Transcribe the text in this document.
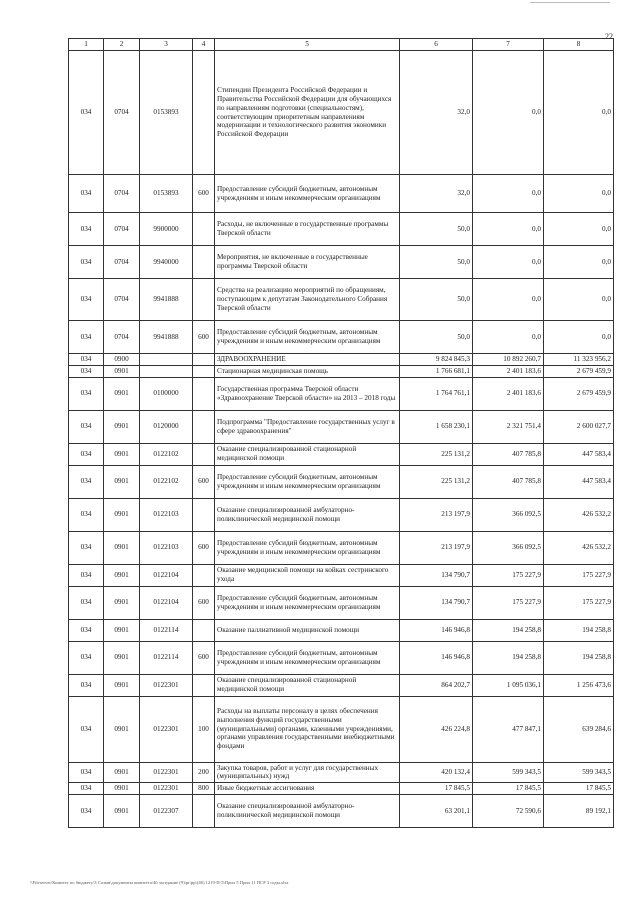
22
1	2	3	4	5	6	7	8
034	0704	0153893		Стипендии Президента Российской Федерации и Правительства Российской Федерации для обучающихся по направлениям подготовки (специальностям), соответствующим приоритетным направлениям модернизации и технологического развития экономики Российской Федерации	32,0	0,0	0,0
034	0704	0153893	600	Предоставление субсидий бюджетным, автономным учреждениям и иным некоммерческим организациям	32,0	0,0	0,0
034	0704	9900000		Расходы, не включенные в государственные программы Тверской области	50,0	0,0	0,0
034	0704	9940000		Мероприятия, не включенные в государственные программы Тверской области	50,0	0,0	0,0
034	0704	9941888		Средства на реализацию мероприятий по обращениям, поступающим к депутатам Законодательного Собрания Тверской области	50,0	0,0	0,0
034	0704	9941888	600	Предоставление субсидий бюджетным, автономным учреждениям и иным некоммерческим организациям	50,0	0,0	0,0
034	0900			ЗДРАВООХРАНЕНИЕ	9 824 845,3	10 892 260,7	11 323 956,2
034	0901			Стационарная медицинская помощь	1 766 681,1	2 401 183,6	2 679 459,9
034	0901	0100000		Государственная программа Тверской области «Здравоохранение Тверской области» на 2013 – 2018 годы	1 764 761,1	2 401 183,6	2 679 459,9
034	0901	0120000		Подпрограмма "Предоставление государственных услуг в сфере здравоохранения"	1 658 230,1	2 321 751,4	2 600 027,7
034	0901	0122102		Оказание специализированной стационарной медицинской помощи	225 131,2	407 785,8	447 583,4
034	0901	0122102	600	Предоставление субсидий бюджетным, автономным учреждениям и иным некоммерческим организациям	225 131,2	407 785,8	447 583,4
034	0901	0122103		Оказание специализированной амбулаторно-поликлинической медицинской помощи	213 197,9	366 092,5	426 532,2
034	0901	0122103	600	Предоставление субсидий бюджетным, автономным учреждениям и иным некоммерческим организациям	213 197,9	366 092,5	426 532,2
034	0901	0122104		Оказание медицинской помощи на койках сестринского ухода	134 790,7	175 227,9	175 227,9
034	0901	0122104	600	Предоставление субсидий бюджетным, автономным учреждениям и иным некоммерческим организациям	134 790,7	175 227,9	175 227,9
034	0901	0122114		Оказание паллиативной медицинской помощи	146 946,8	194 258,8	194 258,8
034	0901	0122114	600	Предоставление субсидий бюджетным, автономным учреждениям и иным некоммерческим организациям	146 946,8	194 258,8	194 258,8
034	0901	0122301		Оказание специализированной стационарной медицинской помощи	864 202,7	1 095 036,1	1 256 473,6
034	0901	0122301	100	Расходы на выплаты персоналу в целях обеспечения выполнения функций государственными (муниципальными) органами, казенными учреждениями, органами управления государственными внебюджетными фондами	426 224,8	477 847,1	639 284,6
034	0901	0122301	200	Закупка товаров, работ и услуг для государственных (муниципальных) нужд	420 132,4	599 343,5	599 343,5
034	0901	0122301	800	Иные бюджетные ассигнования	17 845,5	17 845,5	17 845,5
034	0901	0122307		Оказание специализированной амбулаторно-поликлинической медицинской помощи	63 201,1	72 590,6	89 192,1
\\Fileserver\Комитет по бюджету\3 Созыв\документы комитета\46 заседание (9)\pr\pp\(46) 1219-П-5\Прил 5 Прил 11 ПСР 3 годы.xlsx
